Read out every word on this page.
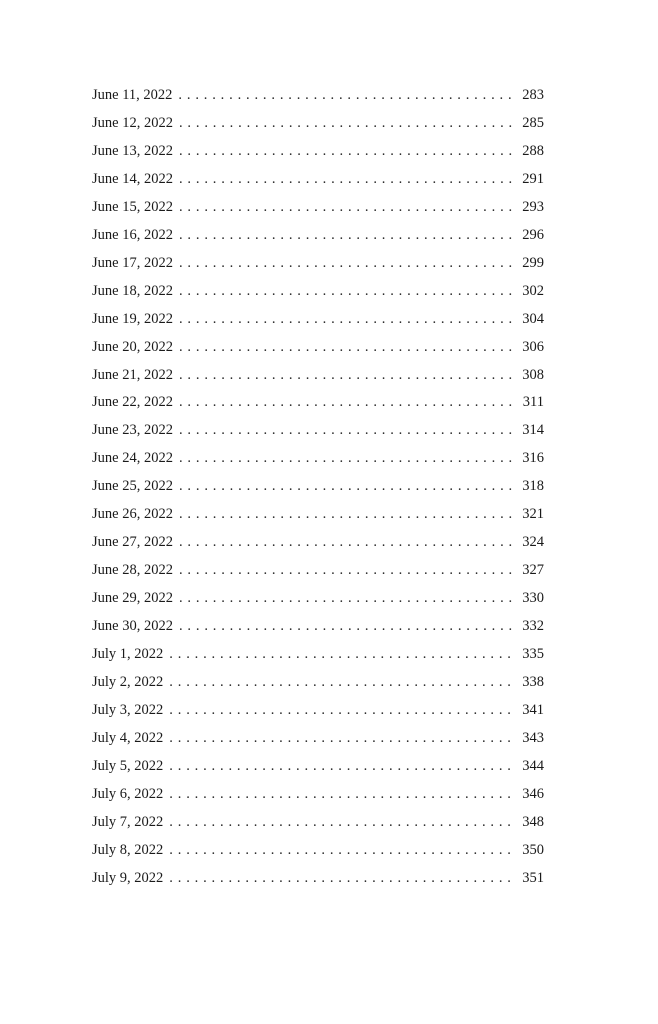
June 11, 2022 . . .	283
June 12, 2022 . . .	285
June 13, 2022 . . .	288
June 14, 2022 . . .	291
June 15, 2022 . . .	293
June 16, 2022 . . .	296
June 17, 2022 . . .	299
June 18, 2022 . . .	302
June 19, 2022 . . .	304
June 20, 2022 . . .	306
June 21, 2022 . . .	308
June 22, 2022 . . .	311
June 23, 2022 . . .	314
June 24, 2022 . . .	316
June 25, 2022 . . .	318
June 26, 2022 . . .	321
June 27, 2022 . . .	324
June 28, 2022 . . .	327
June 29, 2022 . . .	330
June 30, 2022 . . .	332
July 1, 2022 . . .	335
July 2, 2022 . . .	338
July 3, 2022 . . .	341
July 4, 2022 . . .	343
July 5, 2022 . . .	344
July 6, 2022 . . .	346
July 7, 2022 . . .	348
July 8, 2022 . . .	350
July 9, 2022 . . .	351
